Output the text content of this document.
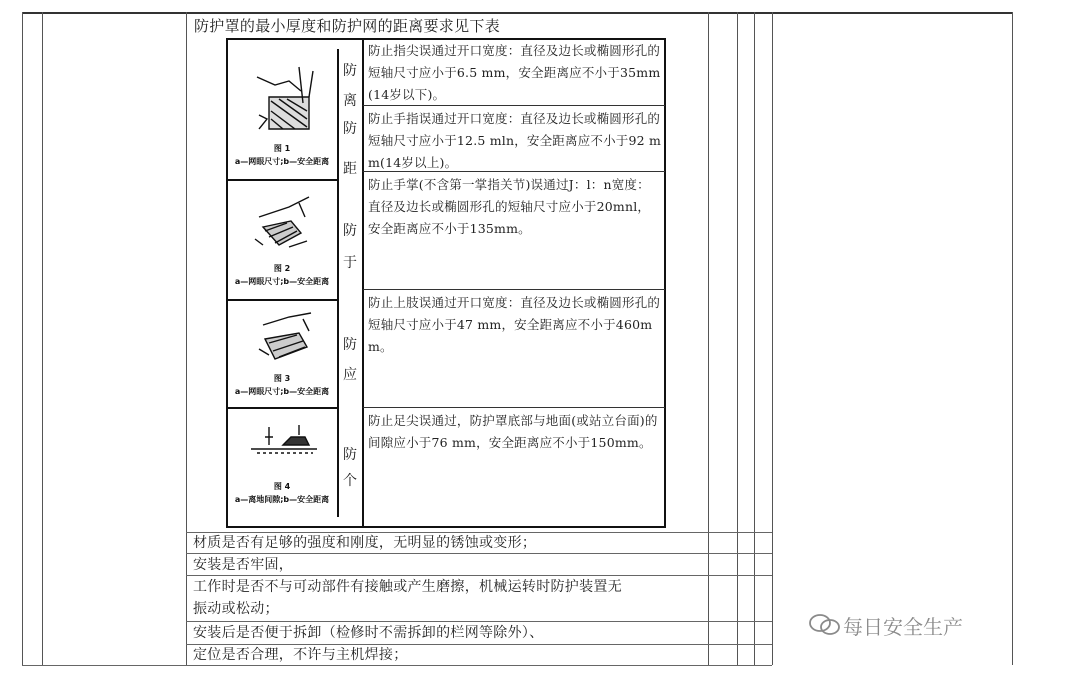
防护罩的最小厚度和防护网的距离要求见下表
图 1
a—网眼尺寸;b—安全距离
图 2
a—网眼尺寸;b—安全距离
图 3
a—网眼尺寸;b—安全距离
图 4
a—离地间隙;b—安全距离
防
离
防
距
防
于
防
应
防
个
防止指尖误通过开口宽度：直径及边长或椭圆形孔的短轴尺寸应小于6.5 mm，安全距离应不小于35mm(14岁以下)。
防止手指误通过开口宽度：直径及边长或椭圆形孔的短轴尺寸应小于12.5 mln，安全距离应不小于92 mm(14岁以上)。
防止手掌(不含第一掌指关节)误通过J：l：n宽度：直径及边长或椭圆形孔的短轴尺寸应小于20mnl，安全距离应不小于135mm。
防止上肢误通过开口宽度：直径及边长或椭圆形孔的短轴尺寸应小于47 mm，安全距离应不小于460mm。
防止足尖误通过，防护罩底部与地面(或站立台面)的间隙应小于76 mm，安全距离应不小于150mm。
材质是否有足够的强度和刚度，无明显的锈蚀或变形；
安装是否牢固，
工作时是否不与可动部件有接触或产生磨擦，机械运转时防护装置无
振动或松动；
安装后是否便于拆卸（检修时不需拆卸的栏网等除外）、
定位是否合理，不许与主机焊接；
每日安全生产
